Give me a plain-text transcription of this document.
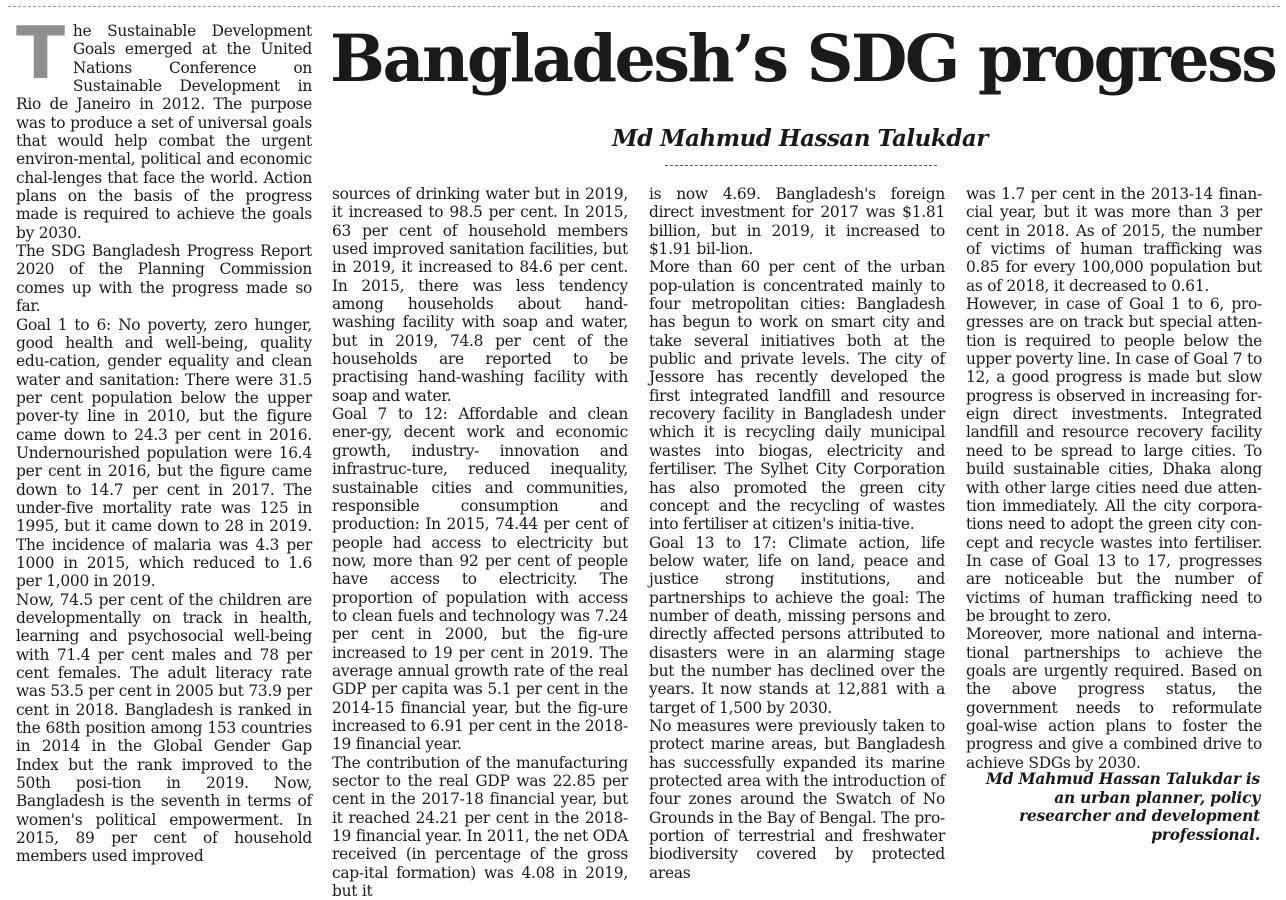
Bangladesh’s SDG progress
Md Mahmud Hassan Talukdar

The Sustainable Development Goals emerged at the United Nations Conference on Sustainable Development in Rio de Janeiro in 2012. The purpose was to produce a set of universal goals that would help combat the urgent environ-mental, political and economic chal-lenges that face the world. Action plans on the basis of the progress made is required to achieve the goals by 2030.

The SDG Bangladesh Progress Report 2020 of the Planning Commission comes up with the progress made so far.

Goal 1 to 6: No poverty, zero hunger, good health and well-being, quality edu-cation, gender equality and clean water and sanitation: There were 31.5 per cent population below the upper pover-ty line in 2010, but the figure came down to 24.3 per cent in 2016. Undernourished population were 16.4 per cent in 2016, but the figure came down to 14.7 per cent in 2017. The under-five mortality rate was 125 in 1995, but it came down to 28 in 2019. The incidence of malaria was 4.3 per 1000 in 2015, which reduced to 1.6 per 1,000 in 2019.

Now, 74.5 per cent of the children are developmentally on track in health, learning and psychosocial well-being with 71.4 per cent males and 78 per cent females. The adult literacy rate was 53.5 per cent in 2005 but 73.9 per cent in 2018. Bangladesh is ranked in the 68th position among 153 countries in 2014 in the Global Gender Gap Index but the rank improved to the 50th posi-tion in 2019. Now, Bangladesh is the seventh in terms of women's political empowerment. In 2015, 89 per cent of household members used improved

sources of drinking water but in 2019, it increased to 98.5 per cent. In 2015, 63 per cent of household members used improved sanitation facilities, but in 2019, it increased to 84.6 per cent. In 2015, there was less tendency among households about hand-washing facility with soap and water, but in 2019, 74.8 per cent of the households are reported to be practising hand-washing facility with soap and water.

Goal 7 to 12: Affordable and clean ener-gy, decent work and economic growth, industry- innovation and infrastruc-ture, reduced inequality, sustainable cities and communities, responsible consumption and production: In 2015, 74.44 per cent of people had access to electricity but now, more than 92 per cent of people have access to electricity. The proportion of population with access to clean fuels and technology was 7.24 per cent in 2000, but the fig-ure increased to 19 per cent in 2019. The average annual growth rate of the real GDP per capita was 5.1 per cent in the 2014-15 financial year, but the fig-ure increased to 6.91 per cent in the 2018-19 financial year.

The contribution of the manufacturing sector to the real GDP was 22.85 per cent in the 2017-18 financial year, but it reached 24.21 per cent in the 2018-19 financial year. In 2011, the net ODA received (in percentage of the gross cap-ital formation) was 4.08 in 2019, but it

is now 4.69. Bangladesh's foreign direct investment for 2017 was $1.81 billion, but in 2019, it increased to $1.91 bil-lion.

More than 60 per cent of the urban pop-ulation is concentrated mainly to four metropolitan cities: Bangladesh has begun to work on smart city and take several initiatives both at the public and private levels. The city of Jessore has recently developed the first integrated landfill and resource recovery facility in Bangladesh under which it is recycling daily municipal wastes into biogas, electricity and fertiliser. The Sylhet City Corporation has also promoted the green city concept and the recycling of wastes into fertiliser at citizen's initia-tive.

Goal 13 to 17: Climate action, life below water, life on land, peace and justice strong institutions, and partnerships to achieve the goal: The number of death, missing persons and directly affected persons attributed to disasters were in an alarming stage but the number has declined over the years. It now stands at 12,881 with a target of 1,500 by 2030.

No measures were previously taken to protect marine areas, but Bangladesh has successfully expanded its marine protected area with the introduction of four zones around the Swatch of No Grounds in the Bay of Bengal. The pro-portion of terrestrial and freshwater biodiversity covered by protected areas

was 1.7 per cent in the 2013-14 finan-cial year, but it was more than 3 per cent in 2018. As of 2015, the number of victims of human trafficking was 0.85 for every 100,000 population but as of 2018, it decreased to 0.61.

However, in case of Goal 1 to 6, pro-gresses are on track but special atten-tion is required to people below the upper poverty line. In case of Goal 7 to 12, a good progress is made but slow progress is observed in increasing for-eign direct investments. Integrated landfill and resource recovery facility need to be spread to large cities. To build sustainable cities, Dhaka along with other large cities need due atten-tion immediately. All the city corpora-tions need to adopt the green city con-cept and recycle wastes into fertiliser. In case of Goal 13 to 17, progresses are noticeable but the number of victims of human trafficking need to be brought to zero.

Moreover, more national and interna-tional partnerships to achieve the goals are urgently required. Based on the above progress status, the government needs to reformulate goal-wise action plans to foster the progress and give a combined drive to achieve SDGs by 2030.

Md Mahmud Hassan Talukdar is an urban planner, policy researcher and development professional.
